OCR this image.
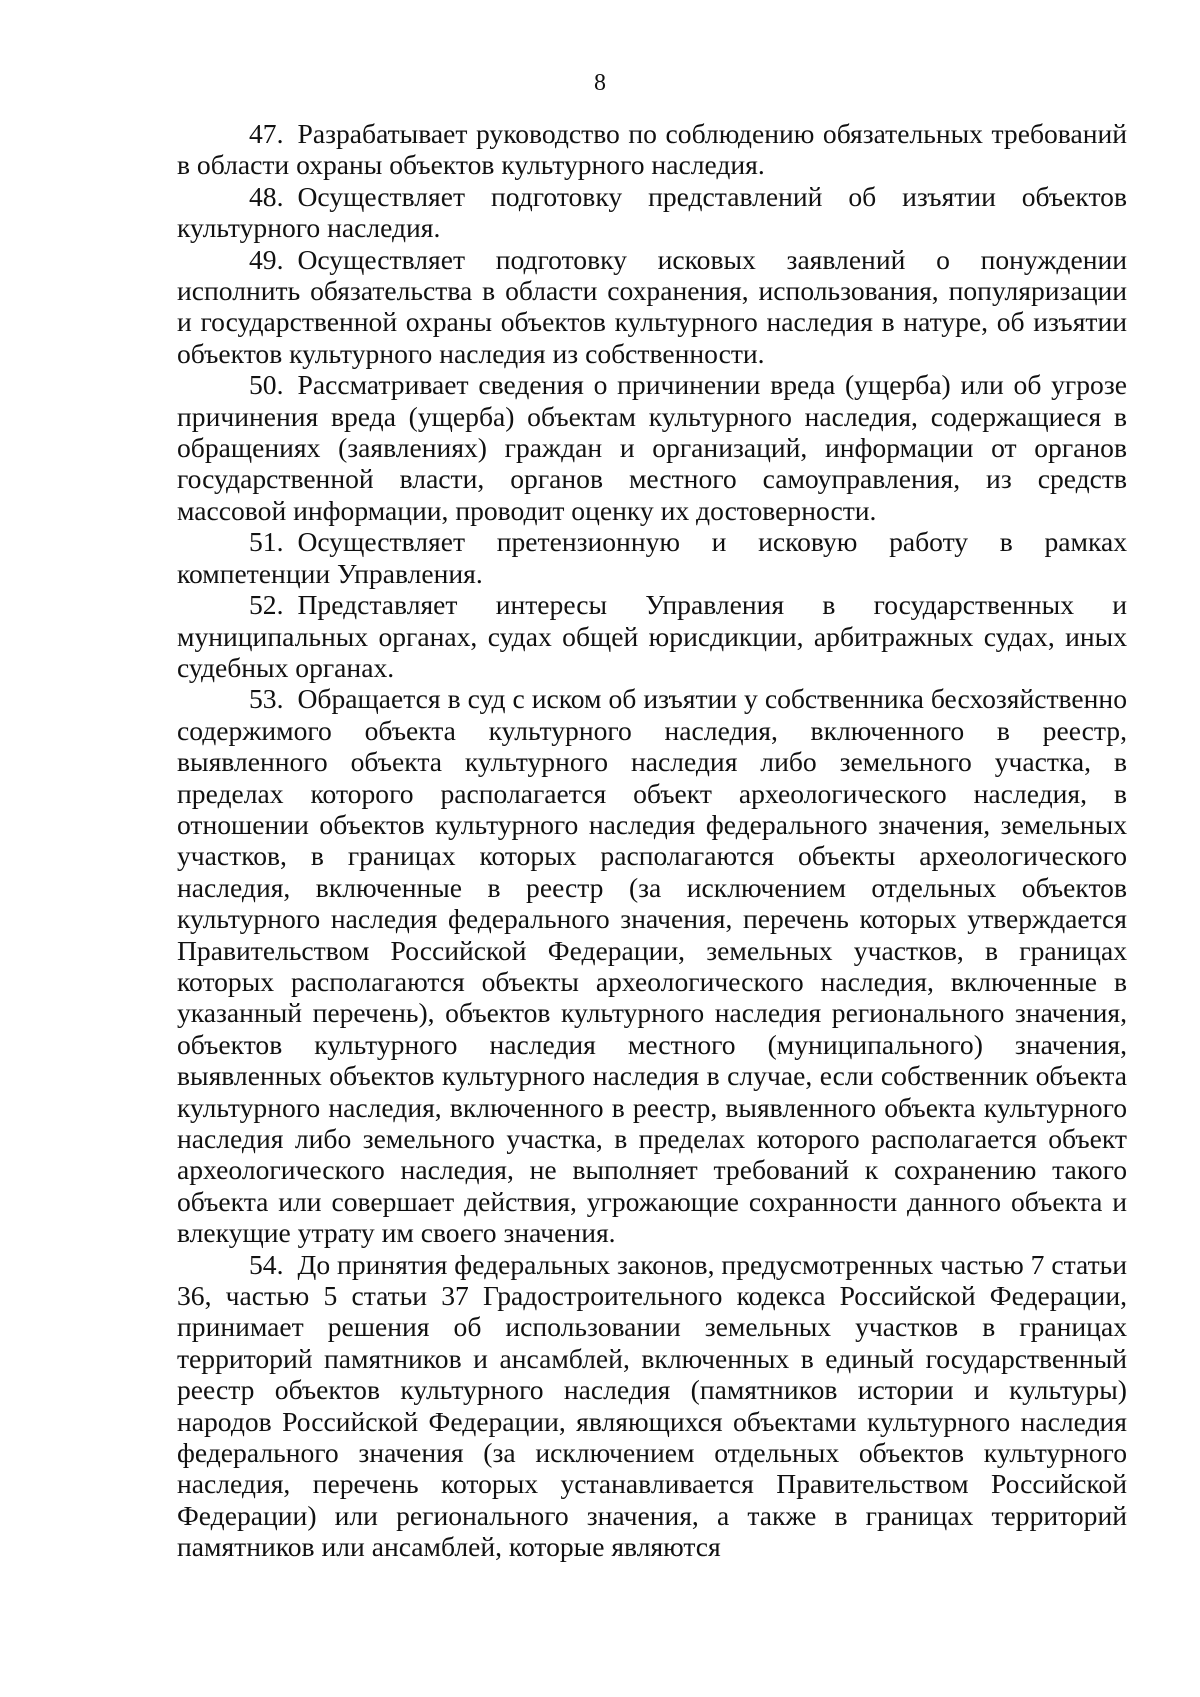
8

47. Разрабатывает руководство по соблюдению обязательных требований в области охраны объектов культурного наследия.

48. Осуществляет подготовку представлений об изъятии объектов культурного наследия.

49. Осуществляет подготовку исковых заявлений о понуждении исполнить обязательства в области сохранения, использования, популяризации и государственной охраны объектов культурного наследия в натуре, об изъятии объектов культурного наследия из собственности.

50. Рассматривает сведения о причинении вреда (ущерба) или об угрозе причинения вреда (ущерба) объектам культурного наследия, содержащиеся в обращениях (заявлениях) граждан и организаций, информации от органов государственной власти, органов местного самоуправления, из средств массовой информации, проводит оценку их достоверности.

51. Осуществляет претензионную и исковую работу в рамках компетенции Управления.

52. Представляет интересы Управления в государственных и муниципальных органах, судах общей юрисдикции, арбитражных судах, иных судебных органах.

53. Обращается в суд с иском об изъятии у собственника бесхозяйственно содержимого объекта культурного наследия, включенного в реестр, выявленного объекта культурного наследия либо земельного участка, в пределах которого располагается объект археологического наследия, в отношении объектов культурного наследия федерального значения, земельных участков, в границах которых располагаются объекты археологического наследия, включенные в реестр (за исключением отдельных объектов культурного наследия федерального значения, перечень которых утверждается Правительством Российской Федерации, земельных участков, в границах которых располагаются объекты археологического наследия, включенные в указанный перечень), объектов культурного наследия регионального значения, объектов культурного наследия местного (муниципального) значения, выявленных объектов культурного наследия в случае, если собственник объекта культурного наследия, включенного в реестр, выявленного объекта культурного наследия либо земельного участка, в пределах которого располагается объект археологического наследия, не выполняет требований к сохранению такого объекта или совершает действия, угрожающие сохранности данного объекта и влекущие утрату им своего значения.

54. До принятия федеральных законов, предусмотренных частью 7 статьи 36, частью 5 статьи 37 Градостроительного кодекса Российской Федерации, принимает решения об использовании земельных участков в границах территорий памятников и ансамблей, включенных в единый государственный реестр объектов культурного наследия (памятников истории и культуры) народов Российской Федерации, являющихся объектами культурного наследия федерального значения (за исключением отдельных объектов культурного наследия, перечень которых устанавливается Правительством Российской Федерации) или регионального значения, а также в границах территорий памятников или ансамблей, которые являются
